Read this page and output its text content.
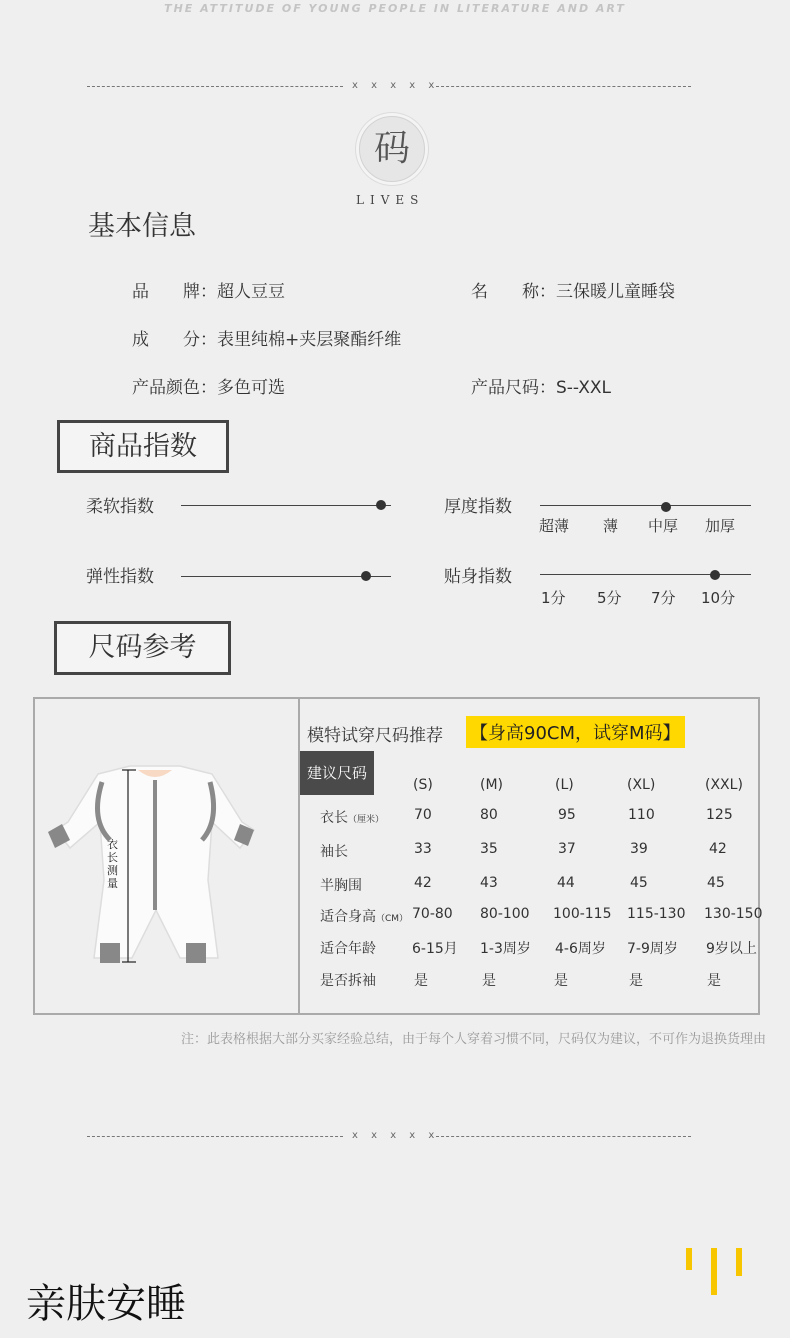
THE ATTITUDE OF YOUNG PEOPLE IN LITERATURE AND ART
x x x x x
码
LIVES
基本信息
品　　牌：超人豆豆	名　　称：三保暖儿童睡袋
成　　分：表里纯棉+夹层聚酯纤维
产品颜色：多色可选	产品尺码：S--XXL
商品指数
柔软指数
弹性指数
厚度指数
超薄 薄 中厚 加厚
贴身指数
1分 5分 7分 10分
尺码参考
衣长测量
模特试穿尺码推荐 【身高90CM，试穿M码】
建议尺码
(S)	(M)	(L)	(XL)	(XXL)
衣长（厘米） 70	80	95	110	125
袖长	33	35	37	39	42
半胸围	42	43	44	45	45
适合身高（CM） 70-80 80-100 100-115 115-130 130-150
适合年龄	6-15月 1-3周岁 4-6周岁 7-9周岁 9岁以上
是否拆袖	是	是	是	是	是
注：此表格根据大部分买家经验总结，由于每个人穿着习惯不同，尺码仅为建议，不可作为退换货理由
x x x x x
亲肤安睡
